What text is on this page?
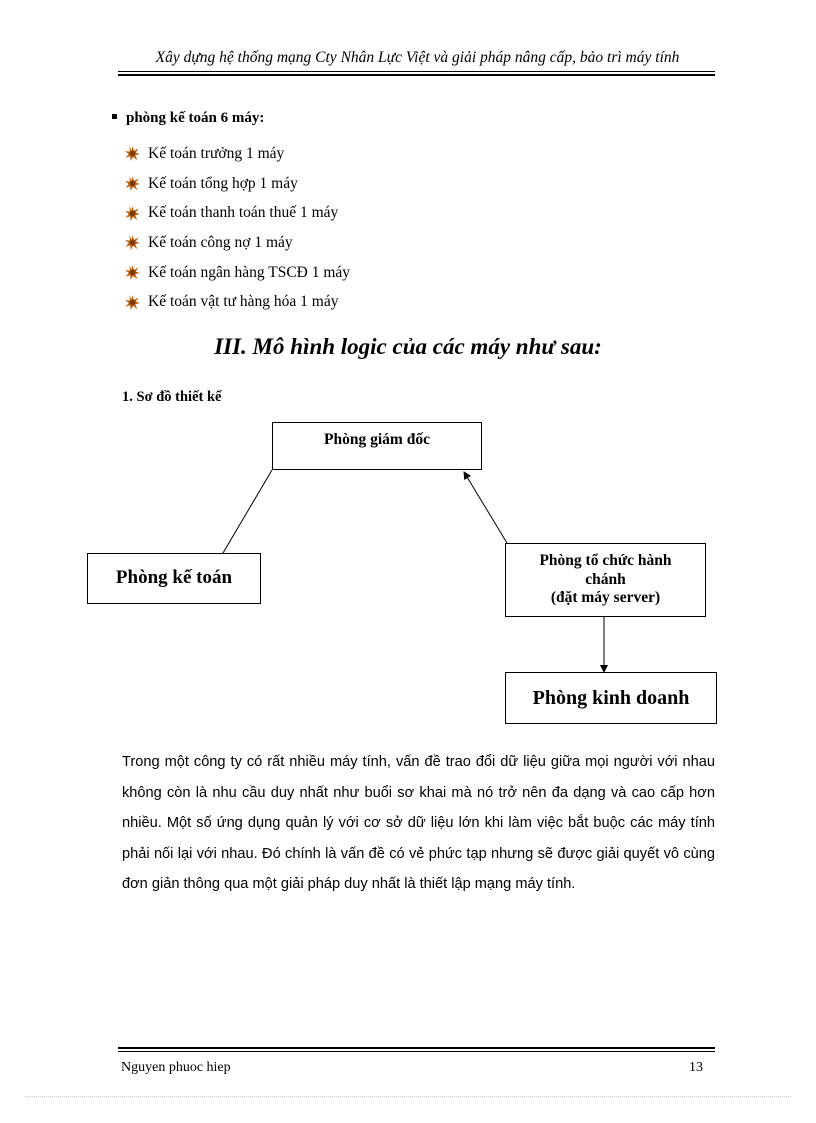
Xây dựng hệ thống mạng Cty Nhân Lực Việt và giải pháp nâng cấp, bảo trì máy tính
phòng kế toán 6 máy:
Kế toán trưởng 1 máy
Kế toán tổng hợp 1 máy
Kế toán thanh toán thuế 1 máy
Kế toán công nợ 1 máy
Kế toán ngân hàng TSCĐ 1 máy
Kế toán vật tư hàng hóa 1 máy
III. Mô hình logic của các máy như sau:
1. Sơ đồ thiết kế
Phòng giám đốc
Phòng kế toán
Phòng tổ chức hành
chánh
(đặt máy server)
Phòng kinh doanh

Trong một công ty có rất nhiều máy tính, vấn đề trao đổi dữ liệu giữa mọi người với nhau không còn là nhu cầu duy nhất như buổi sơ khai mà nó trở nên đa dạng và cao cấp hơn nhiều. Một số ứng dụng quản lý với cơ sở dữ liệu lớn khi làm việc bắt buộc các máy tính phải nối lại với nhau. Đó chính là vấn đề có vẻ phức tạp nhưng sẽ được giải quyết vô cùng đơn giản thông qua một giải pháp duy nhất là thiết lập mạng máy tính.

Nguyen phuoc hiep	13
